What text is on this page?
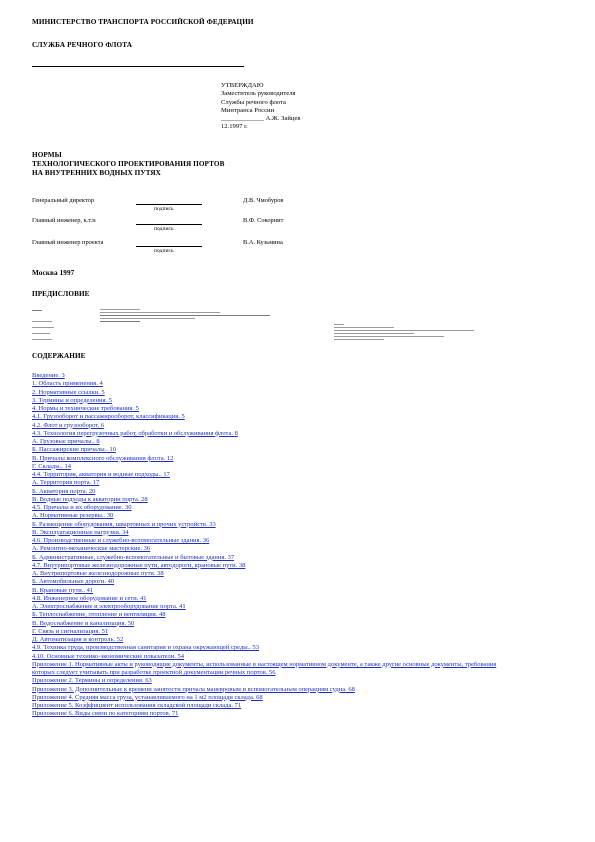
МИНИСТЕРСТВО ТРАНСПОРТА РОССИЙСКОЙ ФЕДЕРАЦИИ
СЛУЖБА РЕЧНОГО ФЛОТА
УТВЕРЖДАЮ
Заместитель руководителя
Службы речного флота
Минтранса России
_____________ А.Ж. Зайцев
12.1997 г.
НОРМЫ
ТЕХНОЛОГИЧЕСКОГО ПРОЕКТИРОВАНИЯ ПОРТОВ
НА ВНУТРЕННИХ ВОДНЫХ ПУТЯХ
Генеральный директор
подпись
Д.В. Чмобуров
Главный инженер, к.т.н
подпись
В.Ф. Сокорнит
Главный инженер проекта
подпись
В.А. Кузьмина
Москва 1997
ПРЕДИСЛОВИЕ
СОДЕРЖАНИЕ
Введение. 3
1. Область применения. 4
2. Нормативные ссылки. 5
3. Термины и определения. 5
4. Нормы и технические требования. 5
4.1. Грузооборот и пассажирооборот, классификация. 5
4.2. Флот и грузооборот. 6
4.3. Технология перегрузочных работ, обработки и обслуживания флота. 8
А. Грузовые причалы.. 8
Б. Пассажирские причалы.. 10
В. Причалы комплексного обслуживания флота. 12
Г. Склады.. 14
4.4. Территория, акватория и водные подходы.. 17
А. Территория порта. 17
Б. Акватория порта. 20
В. Водные подходы к акватории порта. 28
4.5. Причалы и их оборудование. 30
А. Нормативные резервы.. 30
Б. Размещение оборудования, швартовных и прочих устройств. 33
В. Эксплуатационные нагрузки. 34
4.6. Производственные и служебно-вспомогательные здания. 36
А. Ремонтно-механические мастерские. 36
Б. Административные, служебно-вспомогательные и бытовые здания. 37
4.7. Внутрипортовые железнодорожные пути, автодороги, крановые пути. 38
А. Внутрипортовые железнодорожные пути. 38
Б. Автомобильные дороги. 40
В. Крановые пути.. 41
4.8. Инженерное оборудование и сети. 41
А. Электроснабжение и электрооборудование порта. 41
Б. Теплоснабжение, отопление и вентиляция. 48
В. Водоснабжение и канализация. 50
Г. Связь и сигнализация. 51
Д. Автоматизация и контроль. 52
4.9. Техника труда, производственная санитария и охрана окружающей среды.. 53
4.10. Основные технико-экономические показатели. 54
Приложение 1. Нормативные акты и руководящие документы, использованные в настоящем нормативном документе, а также другие основные документы, требования которых следует учитывать при разработке проектной документации речных портов. 56
Приложение 2. Термины и определения. 63
Приложение 3. Дополнительные к времени занятости причала маневровым и вспомогательным операциям судна. 68
Приложение 4. Средняя масса груза, устанавливаемого на 1 м2 площади склада. 68
Приложение 5. Коэффициент использования складской площади склада. 71
Приложение 6. Виды связи по категориям портов. 71
